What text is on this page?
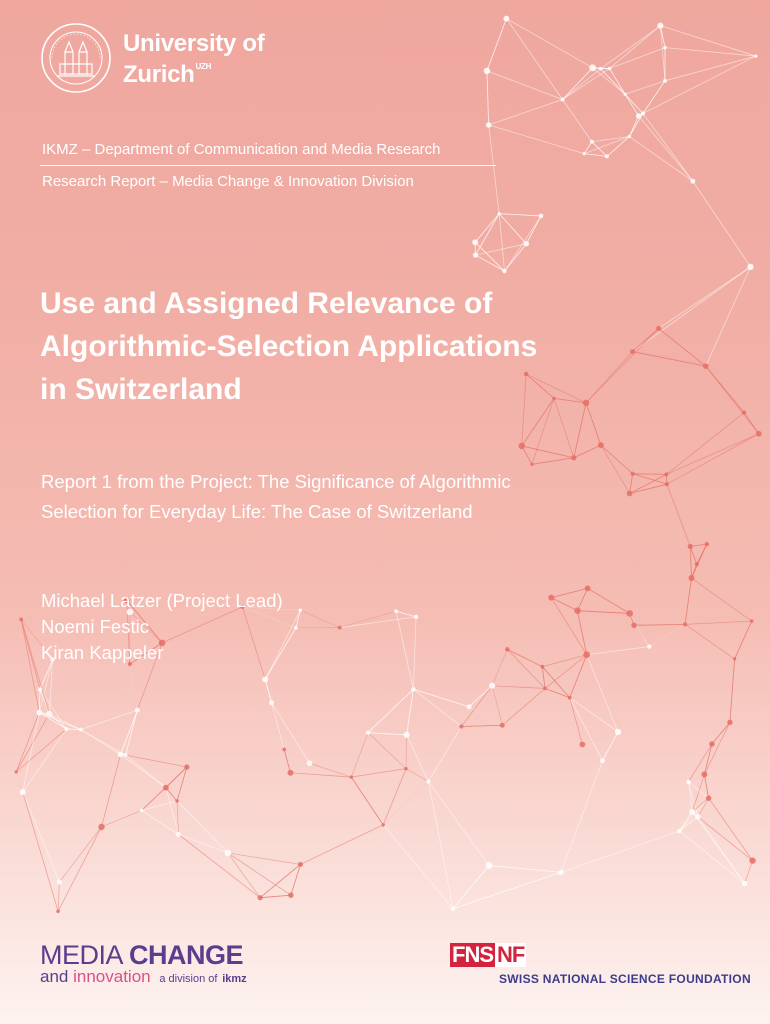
University of
Zurich$^{UZH}$
IKMZ – Department of Communication and Media Research
Research Report – Media Change & Innovation Division
Use and Assigned Relevance of
Algorithmic-Selection Applications
in Switzerland
Report 1 from the Project: The Significance of Algorithmic
Selection for Everyday Life: The Case of Switzerland
Michael Latzer (Project Lead)
Noemi Festic
Kiran Kappeler
MEDIA CHANGE
and innovation a division of ikmz
FNS NF
SWISS NATIONAL SCIENCE FOUNDATION
